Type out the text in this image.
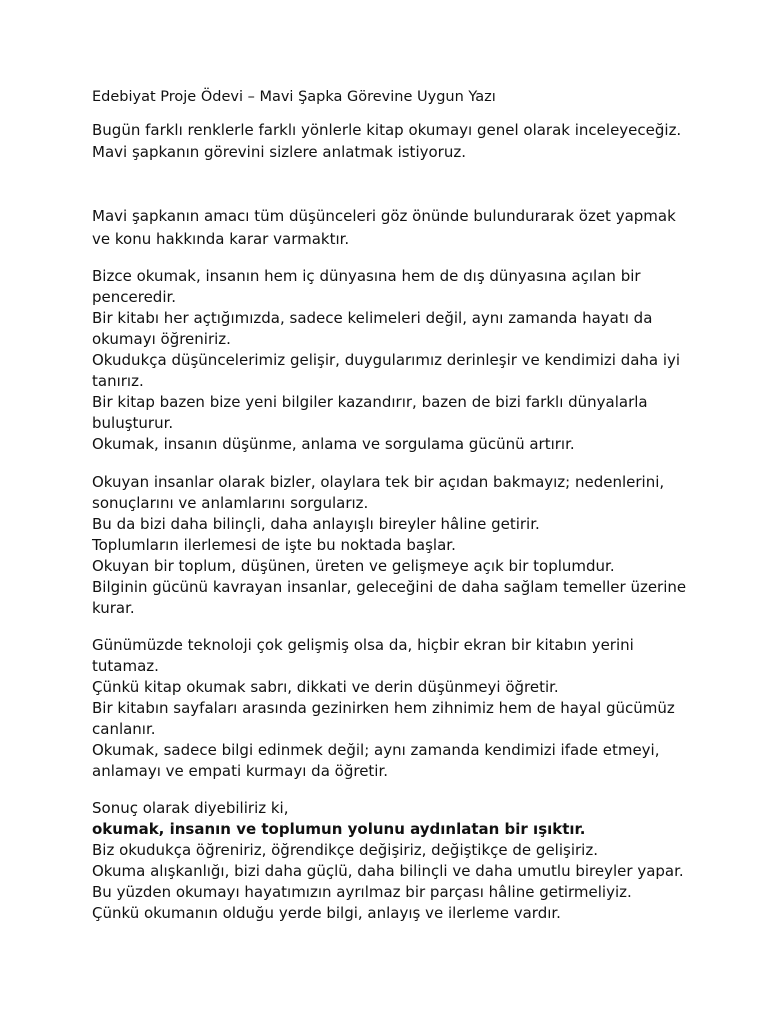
Edebiyat Proje Ödevi – Mavi Şapka Görevine Uygun Yazı
Bugün farklı renklerle farklı yönlerle kitap okumayı genel olarak inceleyeceğiz.
Mavi şapkanın görevini sizlere anlatmak istiyoruz.
Mavi şapkanın amacı tüm düşünceleri göz önünde bulundurarak özet yapmak
ve konu hakkında karar varmaktır.
Bizce okumak, insanın hem iç dünyasına hem de dış dünyasına açılan bir
penceredir.
Bir kitabı her açtığımızda, sadece kelimeleri değil, aynı zamanda hayatı da
okumayı öğreniriz.
Okudukça düşüncelerimiz gelişir, duygularımız derinleşir ve kendimizi daha iyi
tanırız.
Bir kitap bazen bize yeni bilgiler kazandırır, bazen de bizi farklı dünyalarla
buluşturur.
Okumak, insanın düşünme, anlama ve sorgulama gücünü artırır.
Okuyan insanlar olarak bizler, olaylara tek bir açıdan bakmayız; nedenlerini,
sonuçlarını ve anlamlarını sorgularız.
Bu da bizi daha bilinçli, daha anlayışlı bireyler hâline getirir.
Toplumların ilerlemesi de işte bu noktada başlar.
Okuyan bir toplum, düşünen, üreten ve gelişmeye açık bir toplumdur.
Bilginin gücünü kavrayan insanlar, geleceğini de daha sağlam temeller üzerine
kurar.
Günümüzde teknoloji çok gelişmiş olsa da, hiçbir ekran bir kitabın yerini
tutamaz.
Çünkü kitap okumak sabrı, dikkati ve derin düşünmeyi öğretir.
Bir kitabın sayfaları arasında gezinirken hem zihnimiz hem de hayal gücümüz
canlanır.
Okumak, sadece bilgi edinmek değil; aynı zamanda kendimizi ifade etmeyi,
anlamayı ve empati kurmayı da öğretir.
Sonuç olarak diyebiliriz ki,
okumak, insanın ve toplumun yolunu aydınlatan bir ışıktır.
Biz okudukça öğreniriz, öğrendikçe değişiriz, değiştikçe de gelişiriz.
Okuma alışkanlığı, bizi daha güçlü, daha bilinçli ve daha umutlu bireyler yapar.
Bu yüzden okumayı hayatımızın ayrılmaz bir parçası hâline getirmeliyiz.
Çünkü okumanın olduğu yerde bilgi, anlayış ve ilerleme vardır.
